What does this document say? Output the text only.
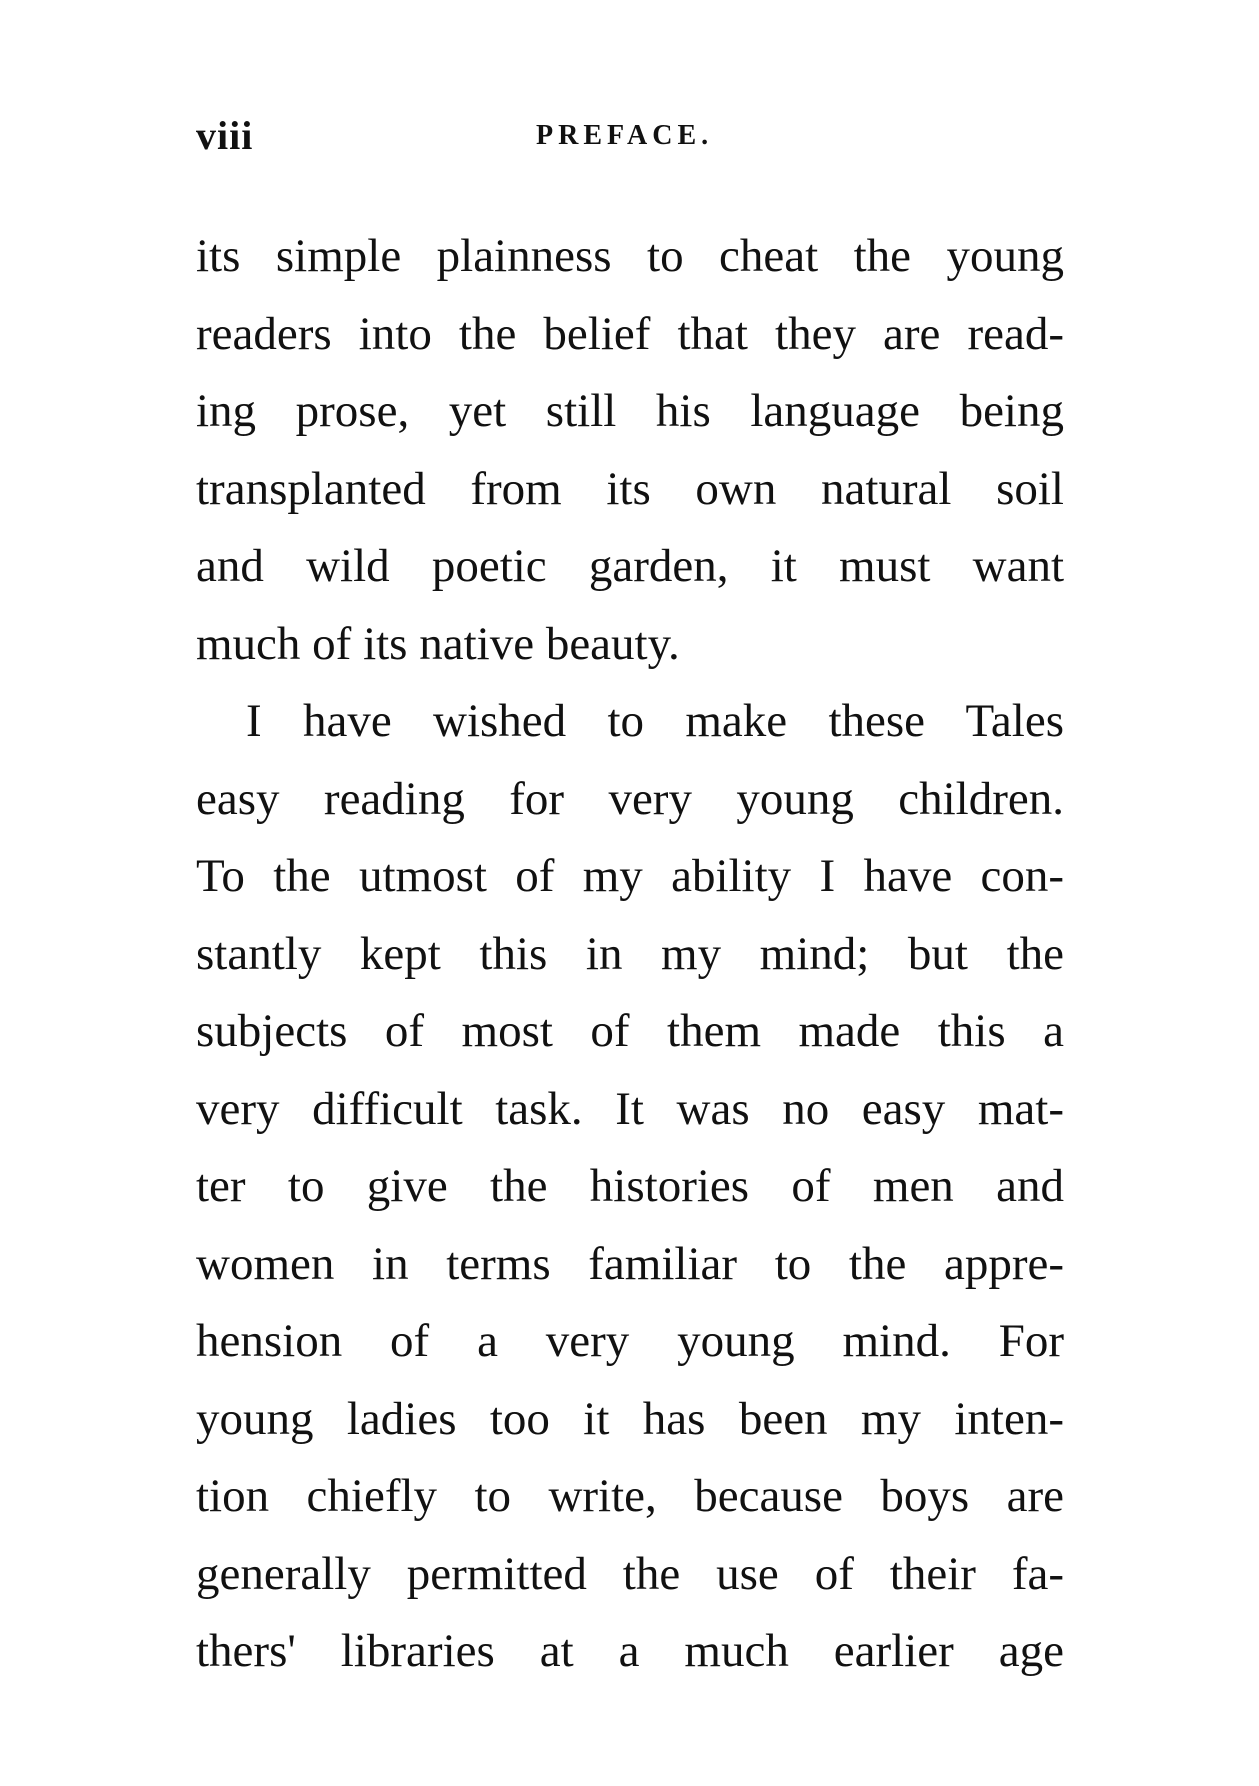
viii	PREFACE.
its simple plainness to cheat the young
readers into the belief that they are read-
ing prose, yet still his language being
transplanted from its own natural soil
and wild poetic garden, it must want
much of its native beauty.
I have wished to make these Tales
easy reading for very young children.
To the utmost of my ability I have con-
stantly kept this in my mind; but the
subjects of most of them made this a
very difficult task. It was no easy mat-
ter to give the histories of men and
women in terms familiar to the appre-
hension of a very young mind. For
young ladies too it has been my inten-
tion chiefly to write, because boys are
generally permitted the use of their fa-
thers' libraries at a much earlier age
